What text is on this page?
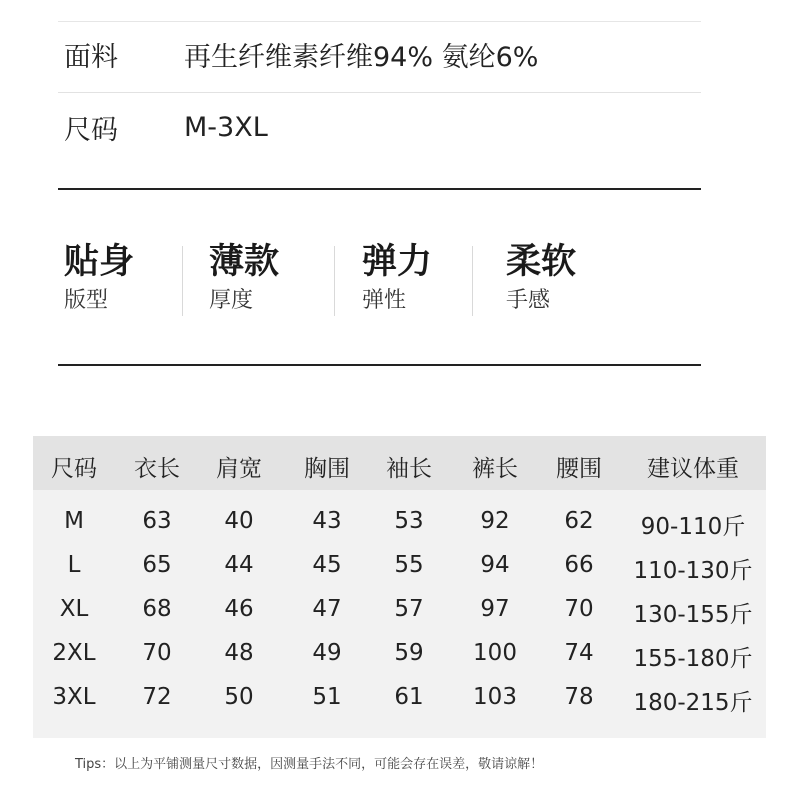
面料	再生纤维素纤维94% 氨纶6%
尺码	M-3XL
贴身
版型
薄款
厚度
弹力
弹性
柔软
手感
尺码 衣长 肩宽 胸围 袖长 裤长 腰围 建议体重
M	63 40	43 53 92 62 90-110斤
L	65 44	45 55 94 66 110-130斤
XL 68 46	47 57 97 70 130-155斤
2XL 70 48	49 59 100 74 155-180斤
3XL 72 50	51 61 103 78 180-215斤
Tips：以上为平铺测量尺寸数据，因测量手法不同，可能会存在误差，敬请谅解！
